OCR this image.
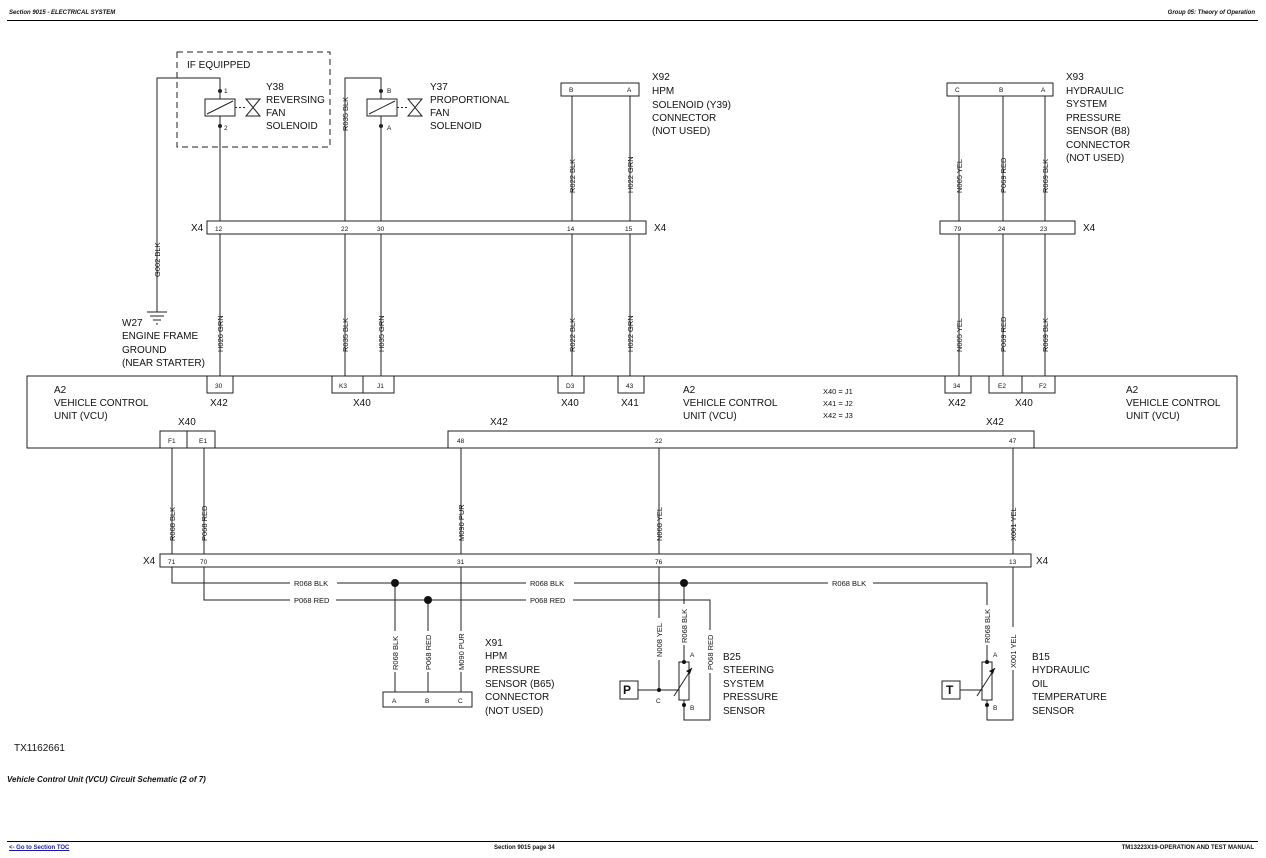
Section 9015 - ELECTRICAL SYSTEM	Group 05: Theory of Operation
IF EQUIPPED
1
2
Y38
REVERSING
FAN
SOLENOID
B
A
Y37
PROPORTIONAL
FAN
SOLENOID
B	A
X92
HPM
SOLENOID (Y39)
CONNECTOR
(NOT USED)
C	B	A
X93
HYDRAULIC
SYSTEM
PRESSURE
SENSOR (B8)
CONNECTOR
(NOT USED)
W27
ENGINE FRAME
GROUND
(NEAR STARTER)
G002 BLK
R035 BLK
R022 BLK	H022 GRN	N005 YEL	P069 RED	R069 BLK
X4	X4
12	22	30	14	15	X4
79	24	23
H026 GRN	R035 BLK	H035 GRN	R022 BLK	H022 GRN	N005 YEL	P069 RED	R069 BLK
A2
VEHICLE CONTROL
UNIT (VCU)
A2
VEHICLE CONTROL
UNIT (VCU)
A2
VEHICLE CONTROL
UNIT (VCU)
X40 = J1
X41 = J2
X42 = J3
30
X42
K3	J1
X40
D3
X40
43
X41
34
X42
E2	F2
X40
F1	E1
X40
48	22	47
X42	X42
R068 BLK	P068 RED	M090 PUR	N008 YEL	X001 YEL
X4	X4
71	70	31	76	13
R068 BLK	R068 BLK	R068 BLK
P068 RED	P068 RED
R068 BLK	P068 RED	M090 PUR	N008 YEL R068 BLK
P068 RED
R068 BLK
X001 YEL
A	B	C
X91
HPM
PRESSURE
SENSOR (B65)
CONNECTOR
(NOT USED)
P
A
C
B
B25
STEERING
SYSTEM
PRESSURE
SENSOR
T
A
B
B15
HYDRAULIC
OIL
TEMPERATURE
SENSOR
TX1162661
Vehicle Control Unit (VCU) Circuit Schematic (2 of 7)
<- Go to Section TOC	Section 9015 page 34	TM13223X19-OPERATION AND TEST MANUAL
